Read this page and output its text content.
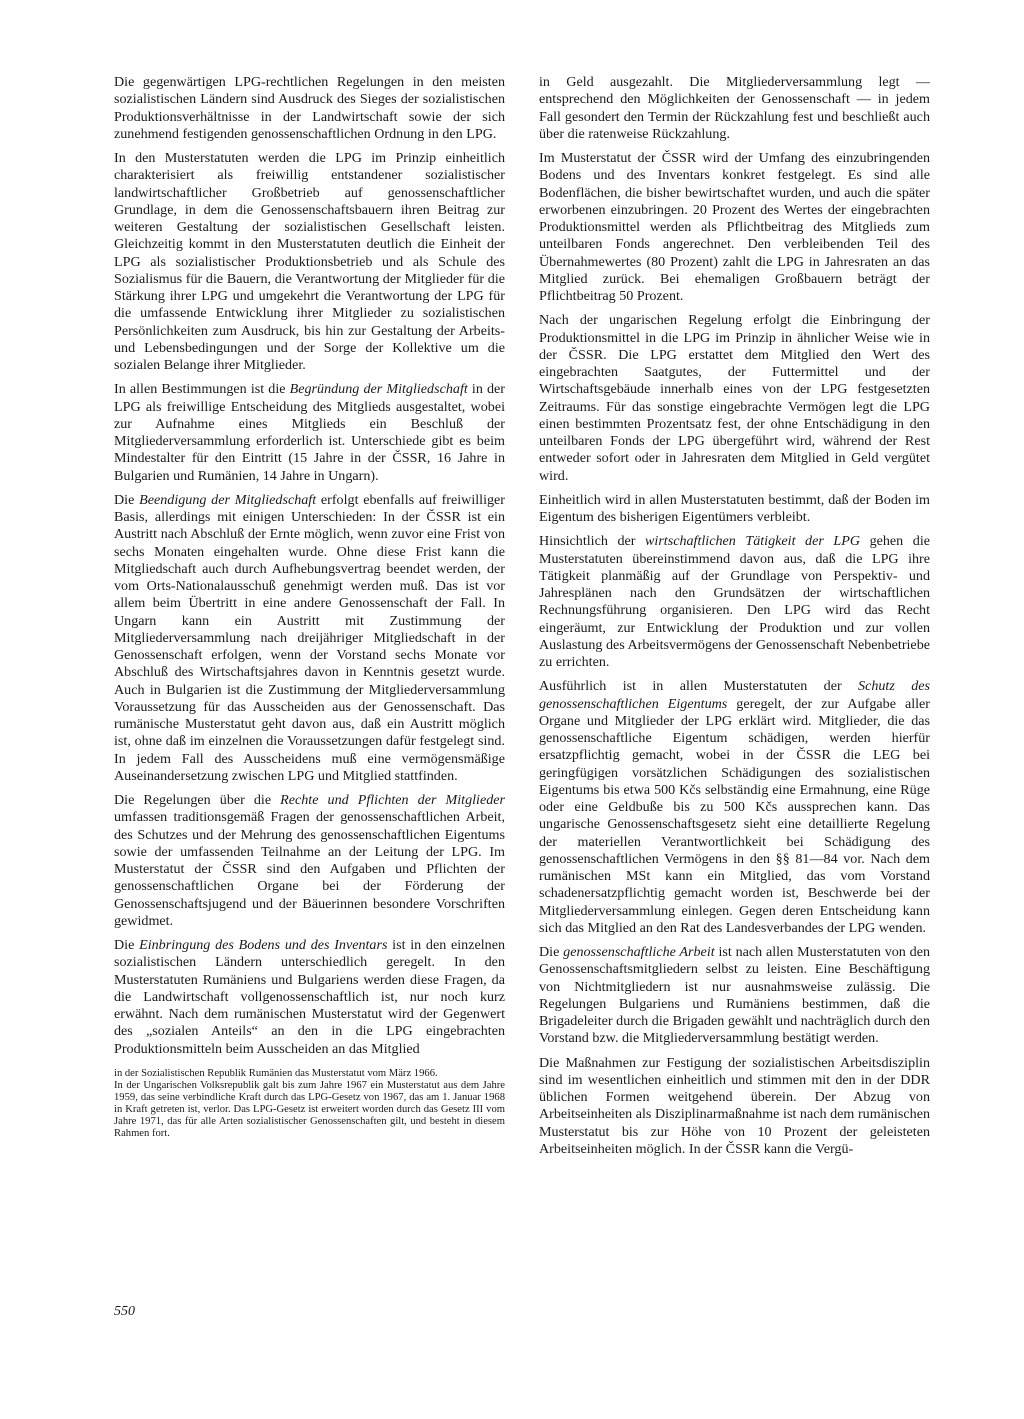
Die gegenwärtigen LPG-rechtlichen Regelungen in den meisten sozialistischen Ländern sind Ausdruck des Sieges der sozialistischen Produktionsverhältnisse in der Landwirtschaft sowie der sich zunehmend festigenden genossenschaftlichen Ordnung in den LPG.

In den Musterstatuten werden die LPG im Prinzip einheitlich charakterisiert als freiwillig entstandener sozialistischer landwirtschaftlicher Großbetrieb auf genossenschaftlicher Grundlage, in dem die Genossenschaftsbauern ihren Beitrag zur weiteren Gestaltung der sozialistischen Gesellschaft leisten. Gleichzeitig kommt in den Musterstatuten deutlich die Einheit der LPG als sozialistischer Produktionsbetrieb und als Schule des Sozialismus für die Bauern, die Verantwortung der Mitglieder für die Stärkung ihrer LPG und umgekehrt die Verantwortung der LPG für die umfassende Entwicklung ihrer Mitglieder zu sozialistischen Persönlichkeiten zum Ausdruck, bis hin zur Gestaltung der Arbeits- und Lebensbedingungen und der Sorge der Kollektive um die sozialen Belange ihrer Mitglieder.

In allen Bestimmungen ist die Begründung der Mitgliedschaft in der LPG als freiwillige Entscheidung des Mitglieds ausgestaltet, wobei zur Aufnahme eines Mitglieds ein Beschluß der Mitgliederversammlung erforderlich ist. Unterschiede gibt es beim Mindestalter für den Eintritt (15 Jahre in der ČSSR, 16 Jahre in Bulgarien und Rumänien, 14 Jahre in Ungarn).

Die Beendigung der Mitgliedschaft erfolgt ebenfalls auf freiwilliger Basis, allerdings mit einigen Unterschieden: In der ČSSR ist ein Austritt nach Abschluß der Ernte möglich, wenn zuvor eine Frist von sechs Monaten eingehalten wurde. Ohne diese Frist kann die Mitgliedschaft auch durch Aufhebungsvertrag beendet werden, der vom Orts-Nationalausschuß genehmigt werden muß. Das ist vor allem beim Übertritt in eine andere Genossenschaft der Fall. In Ungarn kann ein Austritt mit Zustimmung der Mitgliederversammlung nach dreijähriger Mitgliedschaft in der Genossenschaft erfolgen, wenn der Vorstand sechs Monate vor Abschluß des Wirtschaftsjahres davon in Kenntnis gesetzt wurde. Auch in Bulgarien ist die Zustimmung der Mitgliederversammlung Voraussetzung für das Ausscheiden aus der Genossenschaft. Das rumänische Musterstatut geht davon aus, daß ein Austritt möglich ist, ohne daß im einzelnen die Voraussetzungen dafür festgelegt sind. In jedem Fall des Ausscheidens muß eine vermögensmäßige Auseinandersetzung zwischen LPG und Mitglied stattfinden.

Die Regelungen über die Rechte und Pflichten der Mitglieder umfassen traditionsgemäß Fragen der genossenschaftlichen Arbeit, des Schutzes und der Mehrung des genossenschaftlichen Eigentums sowie der umfassenden Teilnahme an der Leitung der LPG. Im Musterstatut der ČSSR sind den Aufgaben und Pflichten der genossenschaftlichen Organe bei der Förderung der Genossenschaftsjugend und der Bäuerinnen besondere Vorschriften gewidmet.

Die Einbringung des Bodens und des Inventars ist in den einzelnen sozialistischen Ländern unterschiedlich geregelt. In den Musterstatuten Rumäniens und Bulgariens werden diese Fragen, da die Landwirtschaft vollgenossenschaftlich ist, nur noch kurz erwähnt. Nach dem rumänischen Musterstatut wird der Gegenwert des „sozialen Anteils“ an den in die LPG eingebrachten Produktionsmitteln beim Ausscheiden an das Mitglied

in der Sozialistischen Republik Rumänien das Musterstatut vom März 1966.

In der Ungarischen Volksrepublik galt bis zum Jahre 1967 ein Musterstatut aus dem Jahre 1959, das seine verbindliche Kraft durch das LPG-Gesetz von 1967, das am 1. Januar 1968 in Kraft getreten ist, verlor. Das LPG-Gesetz ist erweitert worden durch das Gesetz III vom Jahre 1971, das für alle Arten sozialistischer Genossenschaften gilt, und besteht in diesem Rahmen fort.

in Geld ausgezahlt. Die Mitgliederversammlung legt — entsprechend den Möglichkeiten der Genossenschaft — in jedem Fall gesondert den Termin der Rückzahlung fest und beschließt auch über die ratenweise Rückzahlung.

Im Musterstatut der ČSSR wird der Umfang des einzubringenden Bodens und des Inventars konkret festgelegt. Es sind alle Bodenflächen, die bisher bewirtschaftet wurden, und auch die später erworbenen einzubringen. 20 Prozent des Wertes der eingebrachten Produktionsmittel werden als Pflichtbeitrag des Mitglieds zum unteilbaren Fonds angerechnet. Den verbleibenden Teil des Übernahmewertes (80 Prozent) zahlt die LPG in Jahresraten an das Mitglied zurück. Bei ehemaligen Großbauern beträgt der Pflichtbeitrag 50 Prozent.

Nach der ungarischen Regelung erfolgt die Einbringung der Produktionsmittel in die LPG im Prinzip in ähnlicher Weise wie in der ČSSR. Die LPG erstattet dem Mitglied den Wert des eingebrachten Saatgutes, der Futtermittel und der Wirtschaftsgebäude innerhalb eines von der LPG festgesetzten Zeitraums. Für das sonstige eingebrachte Vermögen legt die LPG einen bestimmten Prozentsatz fest, der ohne Entschädigung in den unteilbaren Fonds der LPG übergeführt wird, während der Rest entweder sofort oder in Jahresraten dem Mitglied in Geld vergütet wird.

Einheitlich wird in allen Musterstatuten bestimmt, daß der Boden im Eigentum des bisherigen Eigentümers verbleibt.

Hinsichtlich der wirtschaftlichen Tätigkeit der LPG gehen die Musterstatuten übereinstimmend davon aus, daß die LPG ihre Tätigkeit planmäßig auf der Grundlage von Perspektiv- und Jahresplänen nach den Grundsätzen der wirtschaftlichen Rechnungsführung organisieren. Den LPG wird das Recht eingeräumt, zur Entwicklung der Produktion und zur vollen Auslastung des Arbeitsvermögens der Genossenschaft Nebenbetriebe zu errichten.

Ausführlich ist in allen Musterstatuten der Schutz des genossenschaftlichen Eigentums geregelt, der zur Aufgabe aller Organe und Mitglieder der LPG erklärt wird. Mitglieder, die das genossenschaftliche Eigentum schädigen, werden hierfür ersatzpflichtig gemacht, wobei in der ČSSR die LEG bei geringfügigen vorsätzlichen Schädigungen des sozialistischen Eigentums bis etwa 500 Kčs selbständig eine Ermahnung, eine Rüge oder eine Geldbuße bis zu 500 Kčs aussprechen kann. Das ungarische Genossenschaftsgesetz sieht eine detaillierte Regelung der materiellen Verantwortlichkeit bei Schädigung des genossenschaftlichen Vermögens in den §§ 81—84 vor. Nach dem rumänischen MSt kann ein Mitglied, das vom Vorstand schadenersatzpflichtig gemacht worden ist, Beschwerde bei der Mitgliederversammlung einlegen. Gegen deren Entscheidung kann sich das Mitglied an den Rat des Landesverbandes der LPG wenden.

Die genossenschaftliche Arbeit ist nach allen Musterstatuten von den Genossenschaftsmitgliedern selbst zu leisten. Eine Beschäftigung von Nichtmitgliedern ist nur ausnahmsweise zulässig. Die Regelungen Bulgariens und Rumäniens bestimmen, daß die Brigadeleiter durch die Brigaden gewählt und nachträglich durch den Vorstand bzw. die Mitgliederversammlung bestätigt werden.

Die Maßnahmen zur Festigung der sozialistischen Arbeitsdisziplin sind im wesentlichen einheitlich und stimmen mit den in der DDR üblichen Formen weitgehend überein. Der Abzug von Arbeitseinheiten als Disziplinarmaßnahme ist nach dem rumänischen Musterstatut bis zur Höhe von 10 Prozent der geleisteten Arbeitseinheiten möglich. In der ČSSR kann die Vergü-

550
